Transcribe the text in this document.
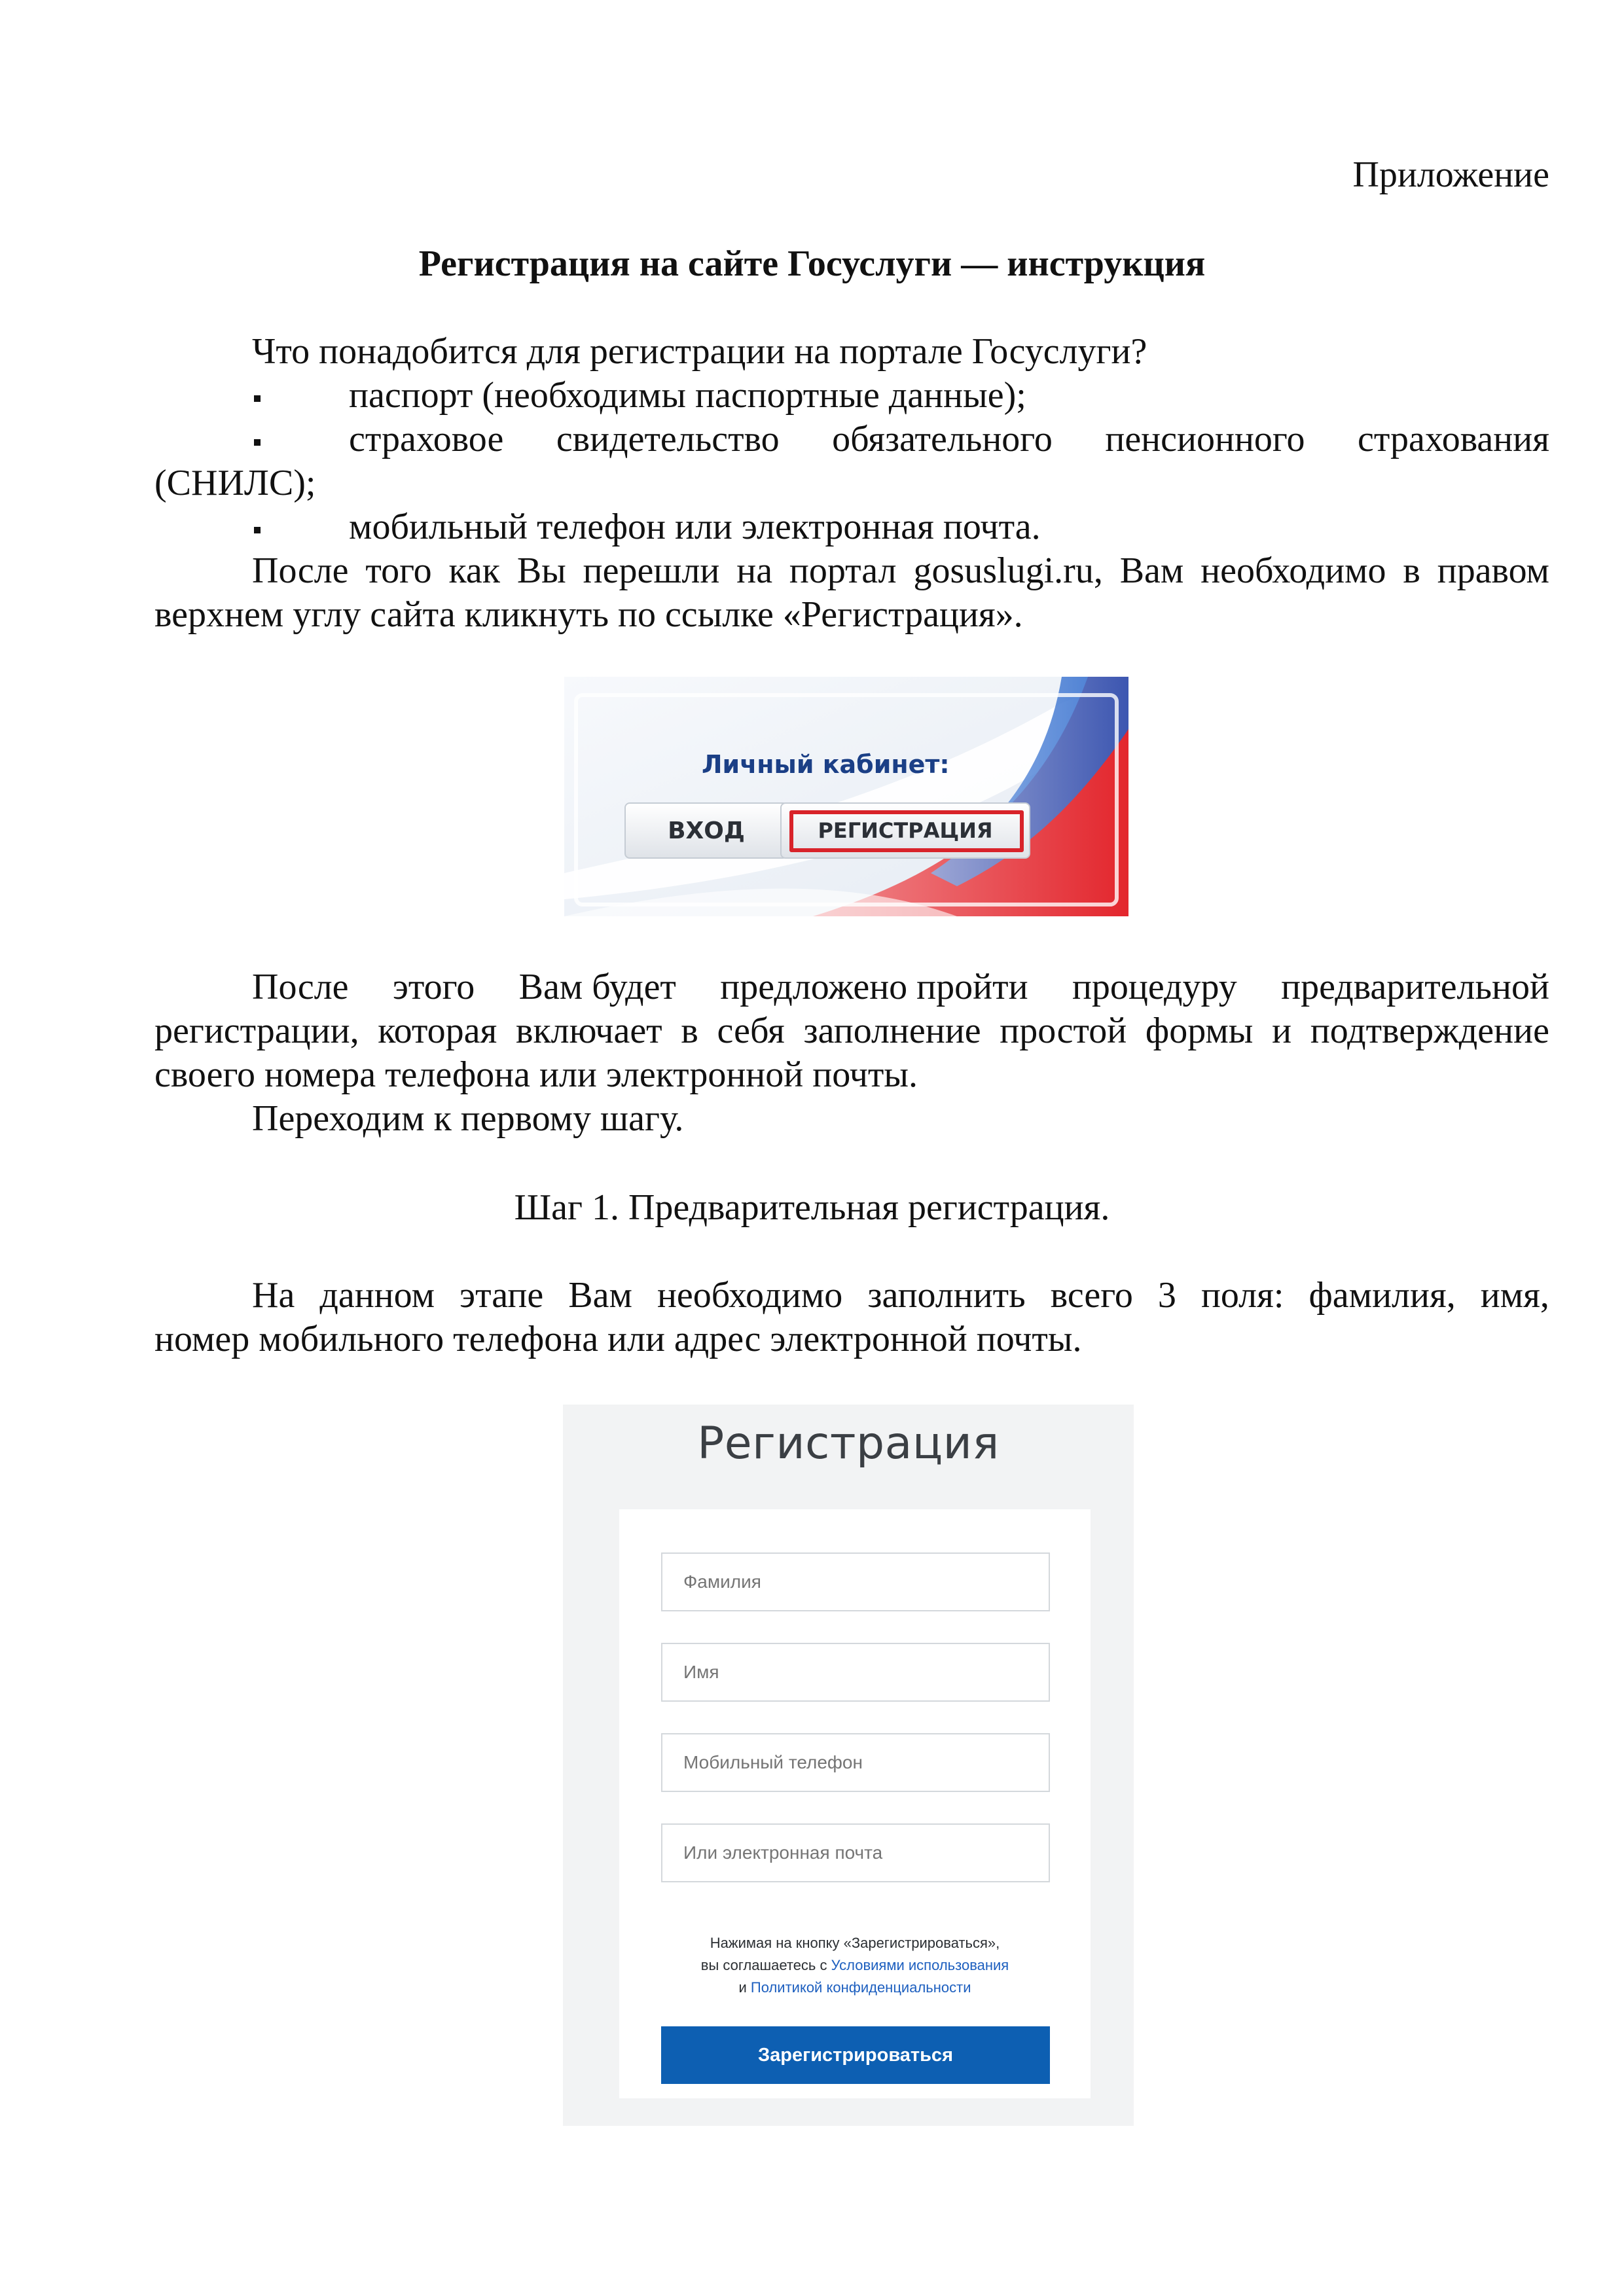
Приложение
Регистрация на сайте Госуслуги — инструкция
Что понадобится для регистрации на портале Госуслуги?
паспорт (необходимы паспортные данные);
страховое свидетельство обязательного пенсионного страхования
(СНИЛС);
мобильный телефон или электронная почта.
После того как Вы перешли на портал gosuslugi.ru, Вам необходимо в правом
верхнем углу сайта кликнуть по ссылке «Регистрация».
Личный кабинет:
ВХОД	РЕГИСТРАЦИЯ
После этого Вам будет предложено пройти процедуру предварительной
регистрации, которая включает в себя заполнение простой формы и подтверждение
своего номера телефона или электронной почты.
Переходим к первому шагу.
Шаг 1. Предварительная регистрация.
На данном этапе Вам необходимо заполнить всего 3 поля: фамилия, имя,
номер мобильного телефона или адрес электронной почты.
Регистрация
Фамилия
Имя
Мобильный телефон
Или электронная почта
Нажимая на кнопку «Зарегистрироваться»,
вы соглашаетесь с Условиями использования
и Политикой конфиденциальности
Зарегистрироваться
